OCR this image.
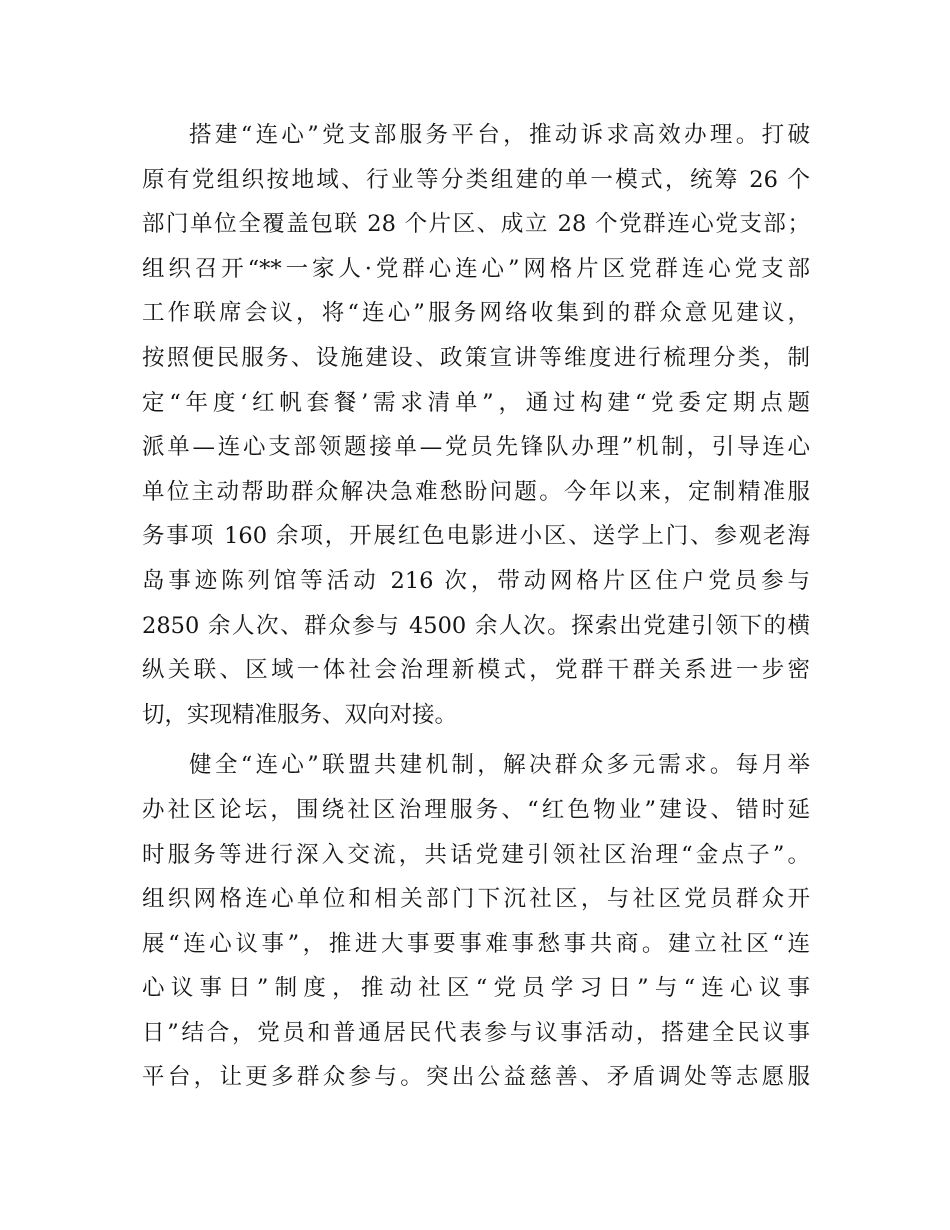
搭建“连心”党支部服务平台，推动诉求高效办理。打破
原有党组织按地域、行业等分类组建的单一模式，统筹 26 个
部门单位全覆盖包联 28 个片区、成立 28 个党群连心党支部；
组织召开“**一家人·党群心连心”网格片区党群连心党支部
工作联席会议，将“连心”服务网络收集到的群众意见建议，
按照便民服务、设施建设、政策宣讲等维度进行梳理分类，制
定“年度‘红帆套餐’需求清单”，通过构建“党委定期点题
派单—连心支部领题接单—党员先锋队办理”机制，引导连心
单位主动帮助群众解决急难愁盼问题。今年以来，定制精准服
务事项 160 余项，开展红色电影进小区、送学上门、参观老海
岛事迹陈列馆等活动 216 次，带动网格片区住户党员参与
2850 余人次、群众参与 4500 余人次。探索出党建引领下的横
纵关联、区域一体社会治理新模式，党群干群关系进一步密
切，实现精准服务、双向对接。
健全“连心”联盟共建机制，解决群众多元需求。每月举
办社区论坛，围绕社区治理服务、“红色物业”建设、错时延
时服务等进行深入交流，共话党建引领社区治理“金点子”。
组织网格连心单位和相关部门下沉社区，与社区党员群众开
展“连心议事”，推进大事要事难事愁事共商。建立社区“连
心议事日”制度，推动社区“党员学习日”与“连心议事
日”结合，党员和普通居民代表参与议事活动，搭建全民议事
平台，让更多群众参与。突出公益慈善、矛盾调处等志愿服
